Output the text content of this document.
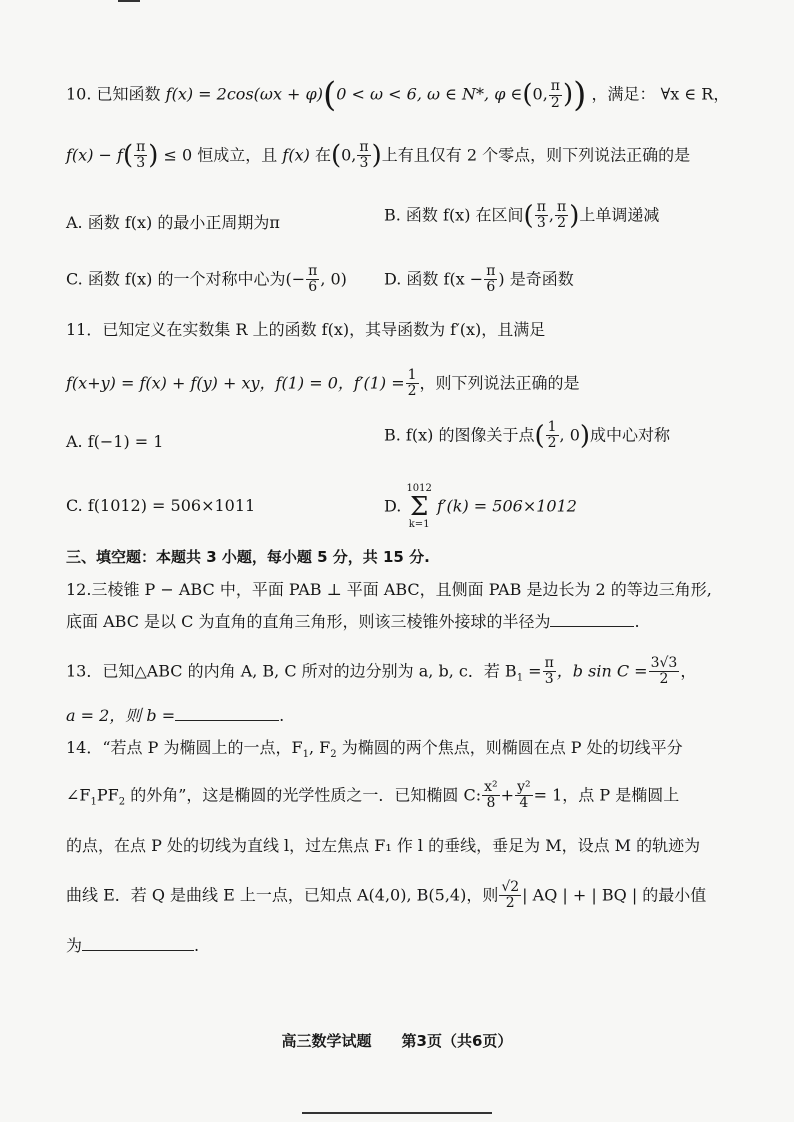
10. 已知函数 f(x) = 2cos(ωx + φ)(0 < ω < 6, ω ∈ N*, φ ∈(0, $\frac{\pi}{2}$ )) ，满足： ∀x ∈ R，
$f(x) - f( \frac{\pi}{3}$ ) ≤ 0 恒成立，且 f(x) 在(0, $\frac{\pi}{3}$ )上有且仅有 2 个零点，则下列说法正确的是
A. 函数 f(x) 的最小正周期为π	B. 函数 f(x) 在区间( $\frac{\pi}{3}$ , $\frac{\pi}{2}$ )上单调递减
C. 函数 f(x) 的一个对称中心为(− $\frac{\pi}{6}$ , 0) D. 函数 $f(x - \frac{\pi}{6}$ ) 是奇函数
11．已知定义在实数集 R 上的函数 f(x)，其导函数为 f′(x)，且满足
f(x+y) = f(x) + f(y) + xy，f(1) = 0，$f'(1) = \frac{1}{2}$ ，则下列说法正确的是
A. f(−1) = 1	B. f(x) 的图像关于点( $\frac{1}{2}$ , 0)成中心对称
C. f(1012) = 506×1011	D.
1012
Σ
k=1
f′(k) = 506×1012
三、填空题：本题共 3 小题，每小题 5 分，共 15 分.
12.三棱锥 P − ABC 中，平面 PAB ⊥ 平面 ABC，且侧面 PAB 是边长为 2 的等边三角形,
底面 ABC 是以 C 为直角的直角三角形，则该三棱锥外接球的半径为	.
13．已知△ABC 的内角 A, B, C 所对的边分别为 a, b, c．若 $B_1 = \frac{\pi}{3}$ ，b $\sin C = \frac{3√3}{2}$ ，
a = 2，则 b =	.
14．“若点 P 为椭圆上的一点，$F_1$, $F_2$ 为椭圆的两个焦点，则椭圆在点 P 处的切线平分
$\angle F_1PF_2$ 的外角”，这是椭圆的光学性质之一．已知椭圆 C: $\frac{\text{x²}}{8} + \frac{\text{y²}}{4} = 1$，点 P 是椭圆上
的点，在点 P 处的切线为直线 l，过左焦点 F₁ 作 l 的垂线，垂足为 M，设点 M 的轨迹为
曲线 E．若 Q 是曲线 E 上一点，已知点 A(4,0), B(5,4)，则 $\frac{√2}{2}$ | AQ | + | BQ | 的最小值
为	.
高三数学试题　　第3页（共6页）
